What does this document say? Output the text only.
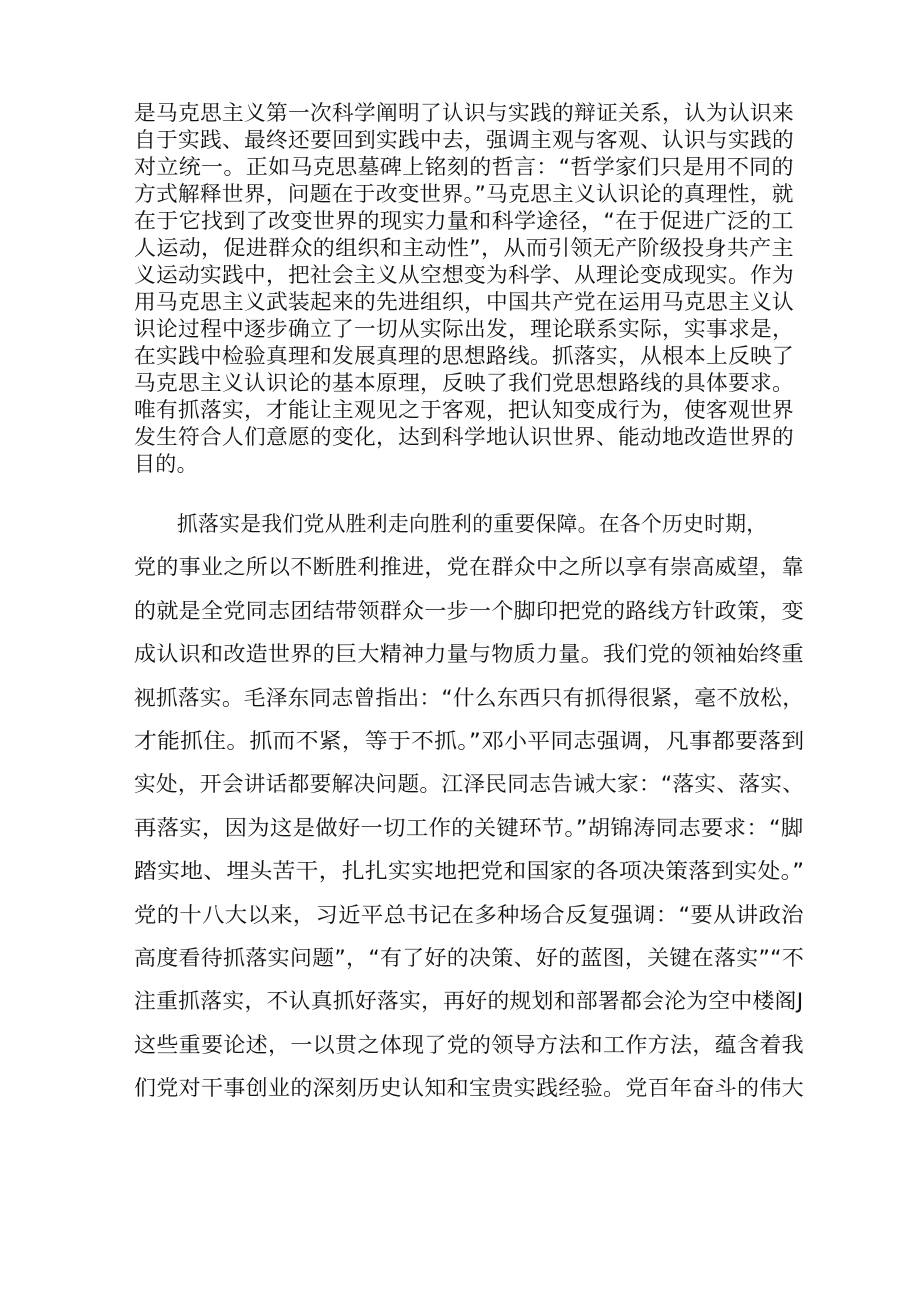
是马克思主义第一次科学阐明了认识与实践的辩证关系，认为认识来
自于实践、最终还要回到实践中去，强调主观与客观、认识与实践的
对立统一。正如马克思墓碑上铭刻的哲言：“哲学家们只是用不同的
方式解释世界，问题在于改变世界。”马克思主义认识论的真理性，就
在于它找到了改变世界的现实力量和科学途径，“在于促进广泛的工
人运动，促进群众的组织和主动性”，从而引领无产阶级投身共产主
义运动实践中，把社会主义从空想变为科学、从理论变成现实。作为
用马克思主义武装起来的先进组织，中国共产党在运用马克思主义认
识论过程中逐步确立了一切从实际出发，理论联系实际，实事求是，
在实践中检验真理和发展真理的思想路线。抓落实，从根本上反映了
马克思主义认识论的基本原理，反映了我们党思想路线的具体要求。
唯有抓落实，才能让主观见之于客观，把认知变成行为，使客观世界
发生符合人们意愿的变化，达到科学地认识世界、能动地改造世界的
目的。
抓落实是我们党从胜利走向胜利的重要保障。在各个历史时期，
党的事业之所以不断胜利推进，党在群众中之所以享有崇高威望，靠
的就是全党同志团结带领群众一步一个脚印把党的路线方针政策，变
成认识和改造世界的巨大精神力量与物质力量。我们党的领袖始终重
视抓落实。毛泽东同志曾指出：“什么东西只有抓得很紧，毫不放松，
才能抓住。抓而不紧，等于不抓。”邓小平同志强调，凡事都要落到
实处，开会讲话都要解决问题。江泽民同志告诫大家：“落实、落实、
再落实，因为这是做好一切工作的关键环节。”胡锦涛同志要求：“脚
踏实地、埋头苦干，扎扎实实地把党和国家的各项决策落到实处。”
党的十八大以来，习近平总书记在多种场合反复强调：“要从讲政治
高度看待抓落实问题”，“有了好的决策、好的蓝图，关键在落实”“不
注重抓落实，不认真抓好落实，再好的规划和部署都会沦为空中楼阁J
这些重要论述，一以贯之体现了党的领导方法和工作方法，蕴含着我
们党对干事创业的深刻历史认知和宝贵实践经验。党百年奋斗的伟大
